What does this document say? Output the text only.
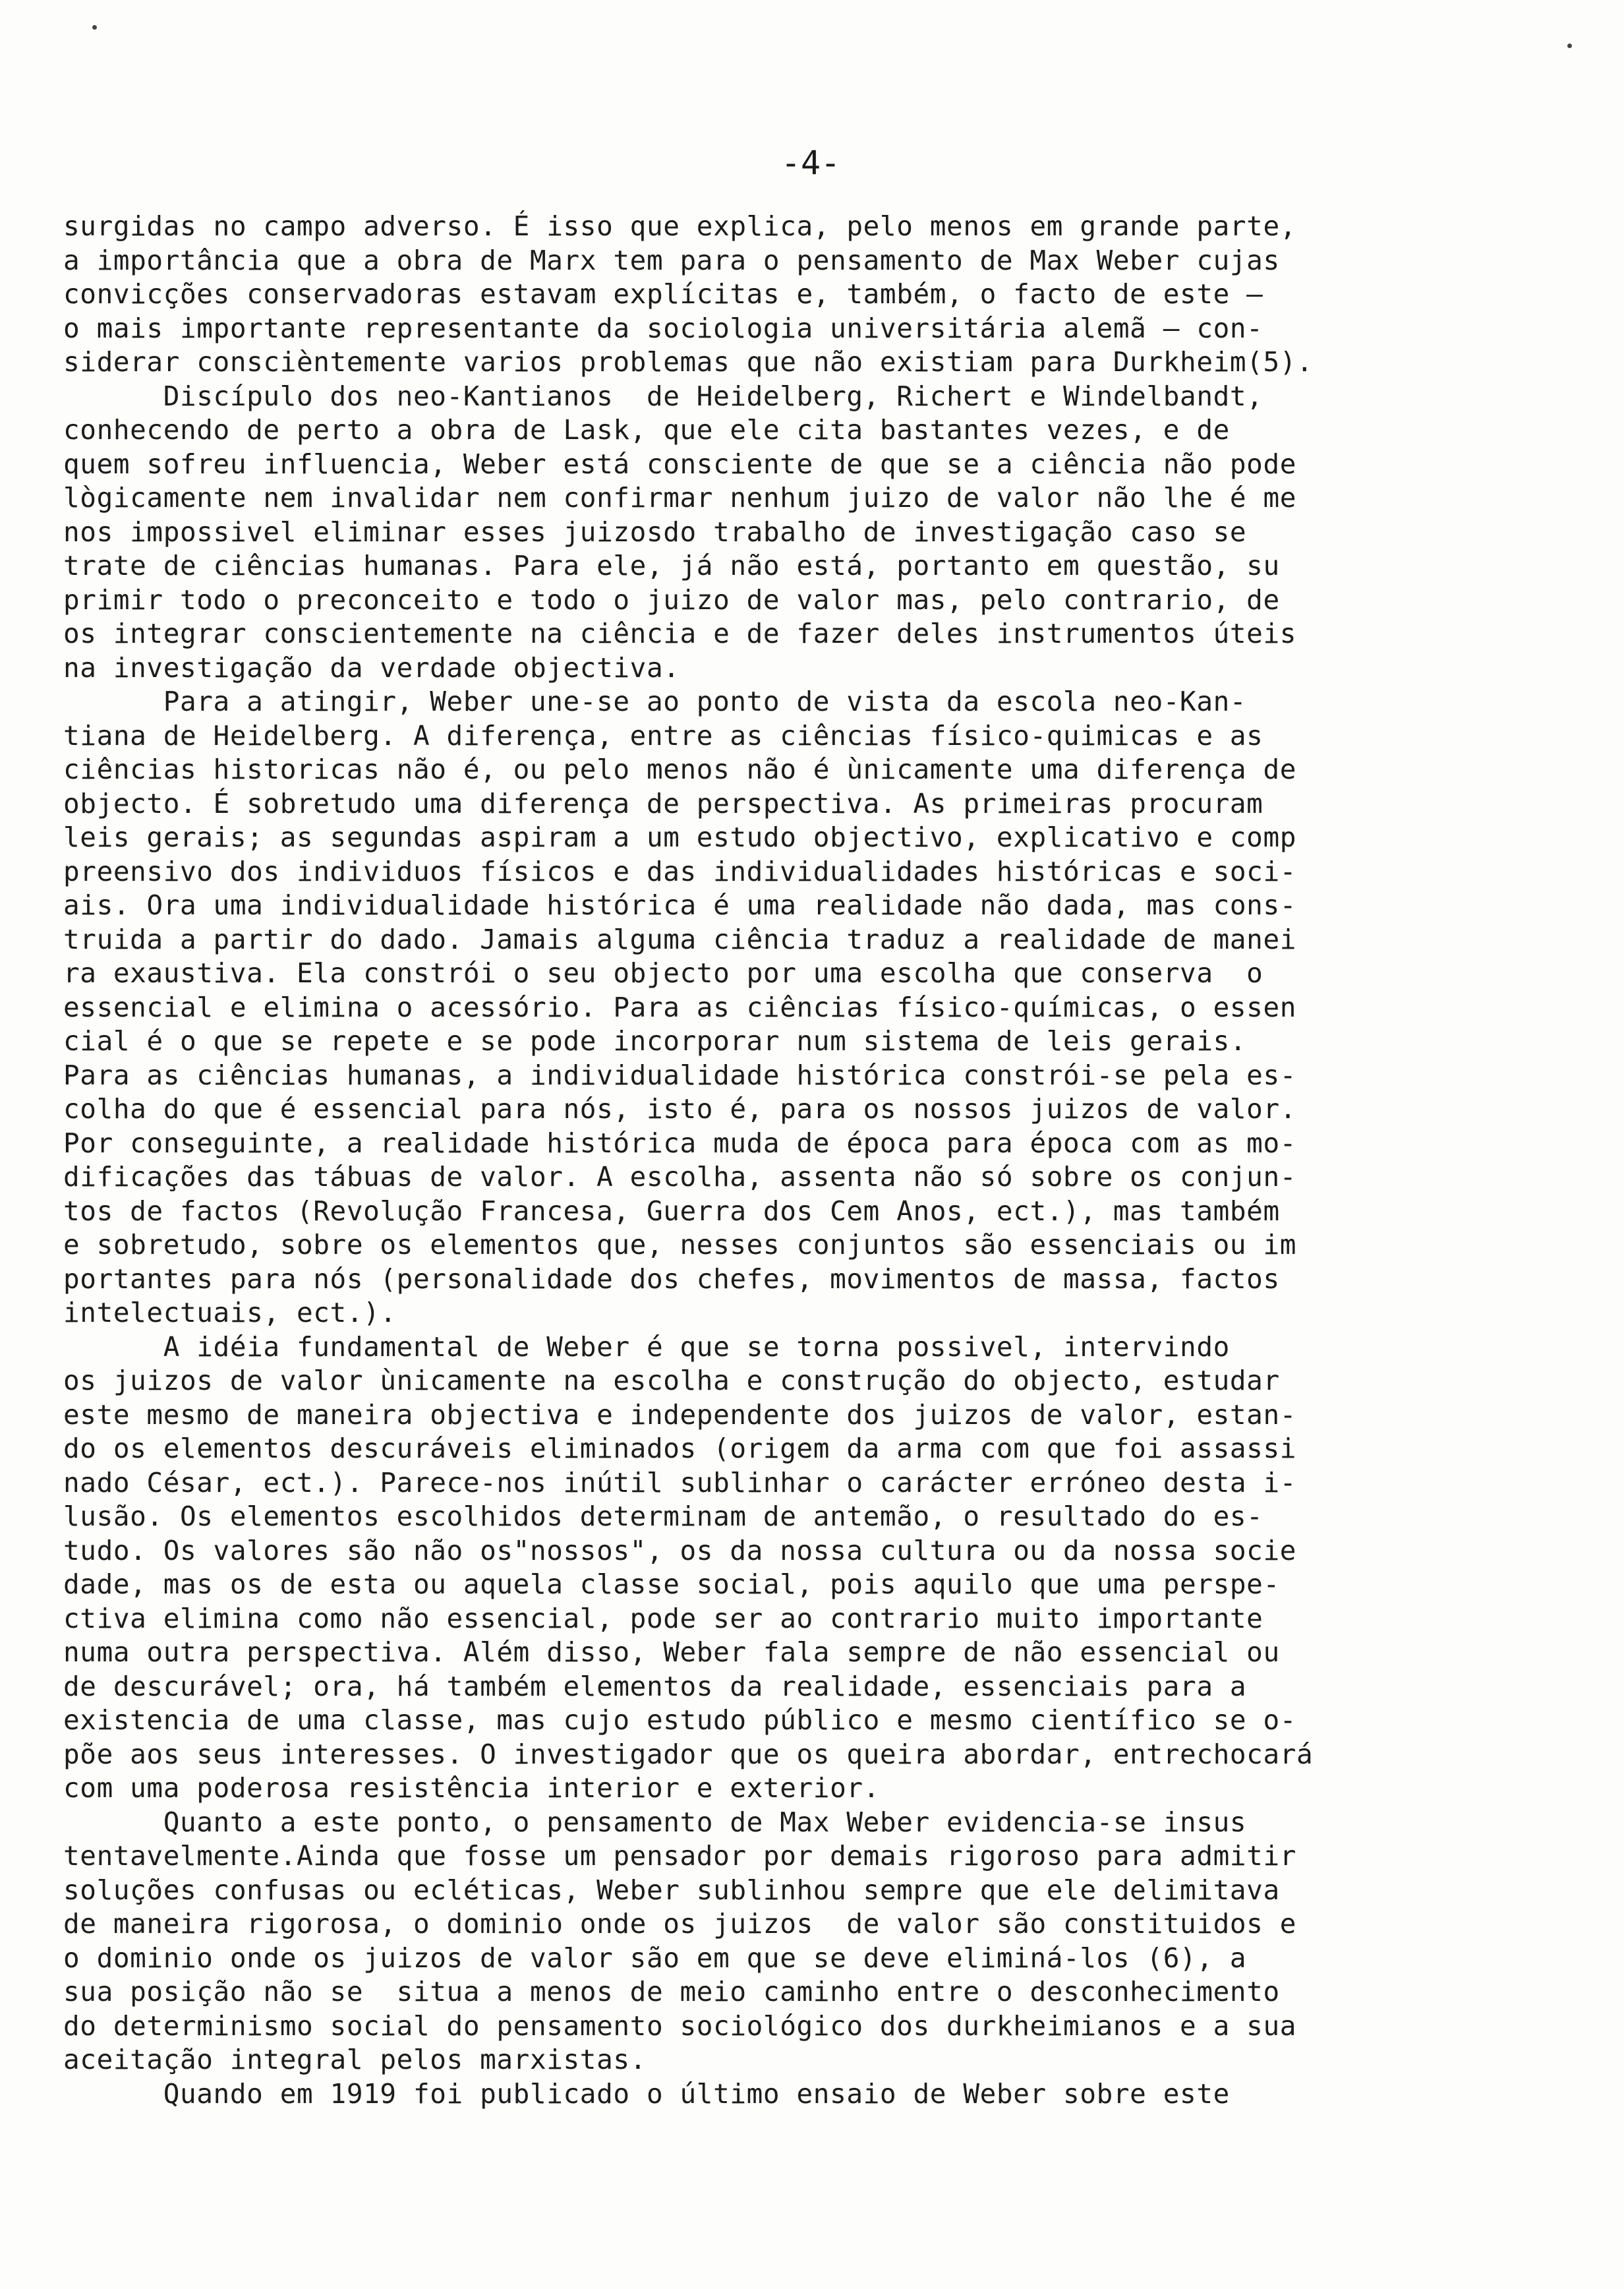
-4-
surgidas no campo adverso. É isso que explica, pelo menos em grande parte,
a importância que a obra de Marx tem para o pensamento de Max Weber cujas
convicções conservadoras estavam explícitas e, também, o facto de este —
o mais importante representante da sociologia universitária alemã — con-
siderar conscièntemente varios problemas que não existiam para Durkheim(5).
Discípulo dos neo-Kantianos  de Heidelberg, Richert e Windelbandt,
conhecendo de perto a obra de Lask, que ele cita bastantes vezes, e de
quem sofreu influencia, Weber está consciente de que se a ciência não pode
lògicamente nem invalidar nem confirmar nenhum juizo de valor não lhe é me
nos impossivel eliminar esses juizosdo trabalho de investigação caso se
trate de ciências humanas. Para ele, já não está, portanto em questão, su
primir todo o preconceito e todo o juizo de valor mas, pelo contrario, de
os integrar conscientemente na ciência e de fazer deles instrumentos úteis
na investigação da verdade objectiva.
Para a atingir, Weber une-se ao ponto de vista da escola neo-Kan-
tiana de Heidelberg. A diferença, entre as ciências físico-quimicas e as
ciências historicas não é, ou pelo menos não é ùnicamente uma diferença de
objecto. É sobretudo uma diferença de perspectiva. As primeiras procuram
leis gerais; as segundas aspiram a um estudo objectivo, explicativo e comp
preensivo dos individuos físicos e das individualidades históricas e soci-
ais. Ora uma individualidade histórica é uma realidade não dada, mas cons-
truida a partir do dado. Jamais alguma ciência traduz a realidade de manei
ra exaustiva. Ela constrói o seu objecto por uma escolha que conserva  o
essencial e elimina o acessório. Para as ciências físico-químicas, o essen
cial é o que se repete e se pode incorporar num sistema de leis gerais.
Para as ciências humanas, a individualidade histórica constrói-se pela es-
colha do que é essencial para nós, isto é, para os nossos juizos de valor.
Por conseguinte, a realidade histórica muda de época para época com as mo-
dificações das tábuas de valor. A escolha, assenta não só sobre os conjun-
tos de factos (Revolução Francesa, Guerra dos Cem Anos, ect.), mas também
e sobretudo, sobre os elementos que, nesses conjuntos são essenciais ou im
portantes para nós (personalidade dos chefes, movimentos de massa, factos
intelectuais, ect.).
A idéia fundamental de Weber é que se torna possivel, intervindo
os juizos de valor ùnicamente na escolha e construção do objecto, estudar
este mesmo de maneira objectiva e independente dos juizos de valor, estan-
do os elementos descuráveis eliminados (origem da arma com que foi assassi
nado César, ect.). Parece-nos inútil sublinhar o carácter erróneo desta i-
lusão. Os elementos escolhidos determinam de antemão, o resultado do es-
tudo. Os valores são não os"nossos", os da nossa cultura ou da nossa socie
dade, mas os de esta ou aquela classe social, pois aquilo que uma perspe-
ctiva elimina como não essencial, pode ser ao contrario muito importante
numa outra perspectiva. Além disso, Weber fala sempre de não essencial ou
de descurável; ora, há também elementos da realidade, essenciais para a
existencia de uma classe, mas cujo estudo público e mesmo científico se o-
põe aos seus interesses. O investigador que os queira abordar, entrechocará
com uma poderosa resistência interior e exterior.
Quanto a este ponto, o pensamento de Max Weber evidencia-se insus
tentavelmente.Ainda que fosse um pensador por demais rigoroso para admitir
soluções confusas ou ecléticas, Weber sublinhou sempre que ele delimitava
de maneira rigorosa, o dominio onde os juizos  de valor são constituidos e
o dominio onde os juizos de valor são em que se deve eliminá-los (6), a
sua posição não se  situa a menos de meio caminho entre o desconhecimento
do determinismo social do pensamento sociológico dos durkheimianos e a sua
aceitação integral pelos marxistas.
Quando em 1919 foi publicado o último ensaio de Weber sobre este
